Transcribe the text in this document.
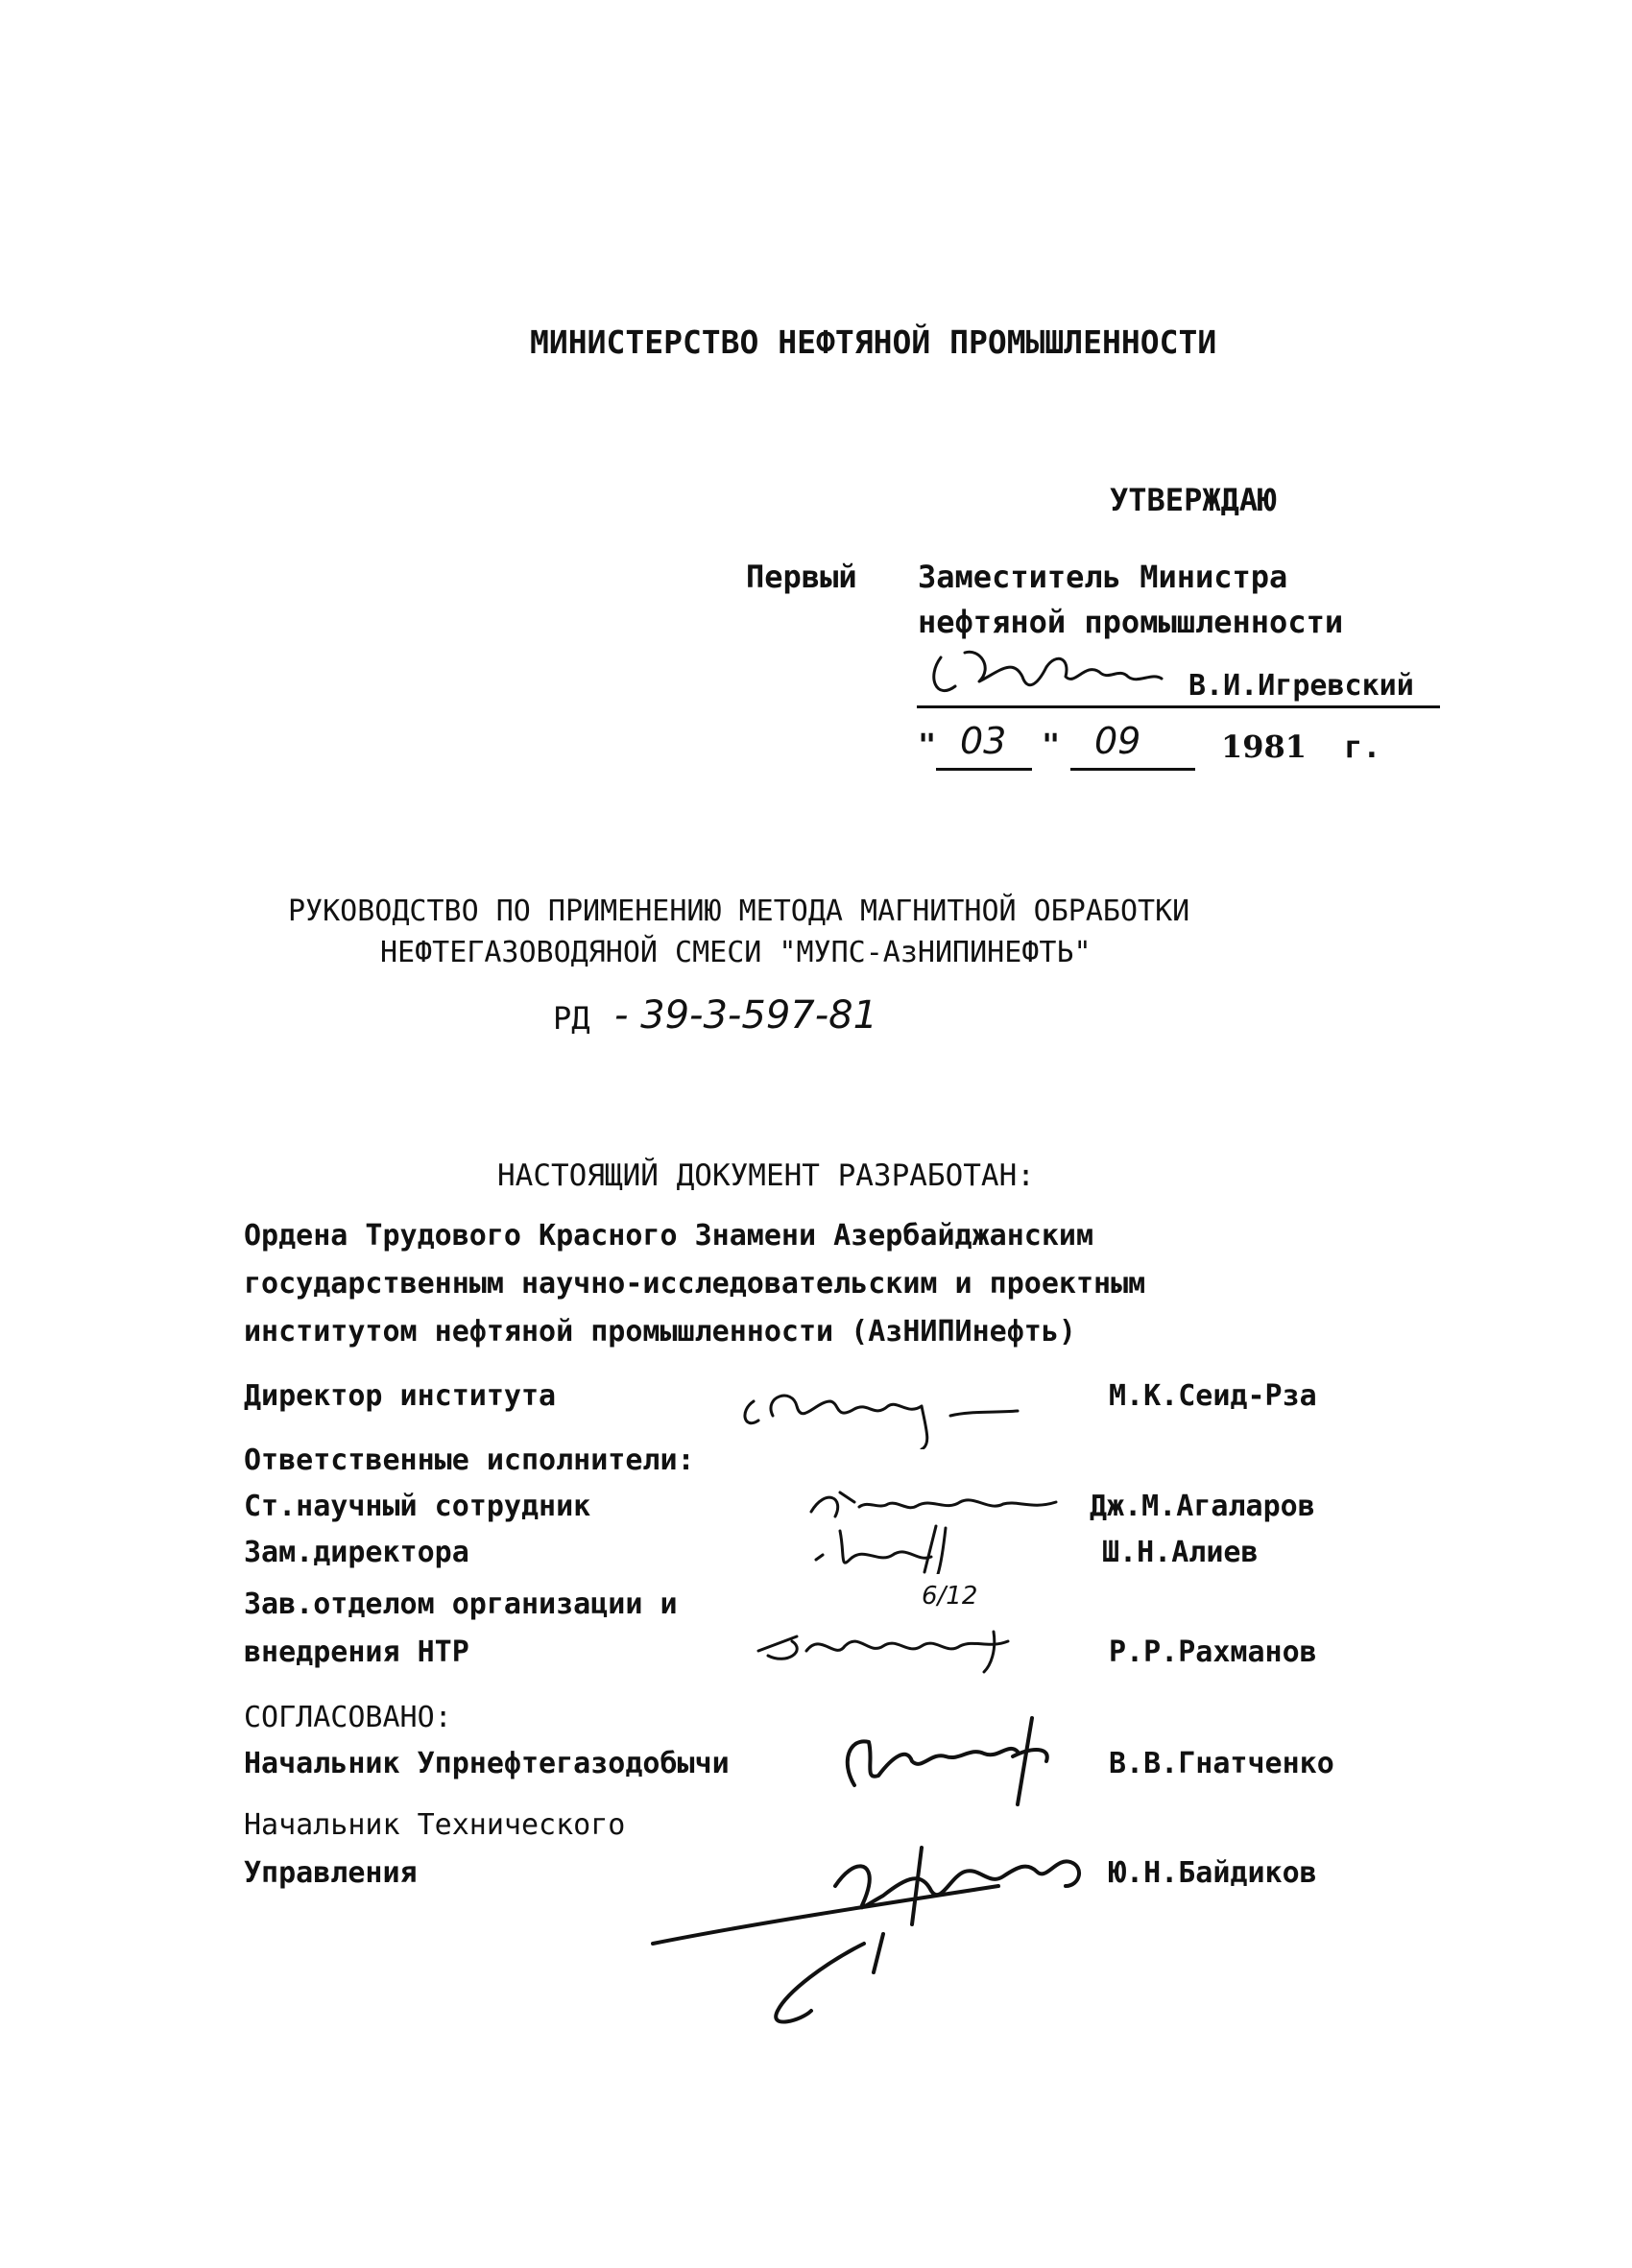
МИНИСТЕРСТВО НЕФТЯНОЙ ПРОМЫШЛЕННОСТИ
УТВЕРЖДАЮ
Первый Заместитель Министра
нефтяной промышленности
В.И.Игревский
" 03 " 09	1981 г.
РУКОВОДСТВО ПО ПРИМЕНЕНИЮ МЕТОДА МАГНИТНОЙ ОБРАБОТКИ
НЕФТЕГАЗОВОДЯНОЙ СМЕСИ "МУПС-АзНИПИНЕФТЬ"
РД - 39-3-597-81
НАСТОЯЩИЙ ДОКУМЕНТ РАЗРАБОТАН:
Ордена Трудового Красного Знамени Азербайджанским
государственным научно-исследовательским и проектным
институтом нефтяной промышленности (АзНИПИнефть)
Директор института	М.К.Сеид-Рза
Ответственные исполнители:
Ст.научный сотрудник	Дж.М.Агаларов
Зам.директора	Ш.Н.Алиев
6/12
Зав.отделом организации и
внедрения НТР	Р.Р.Рахманов
СОГЛАСОВАНО:
Начальник Упрнефтегазодобычи	В.В.Гнатченко
Начальник Технического
Управления	Ю.Н.Байдиков
